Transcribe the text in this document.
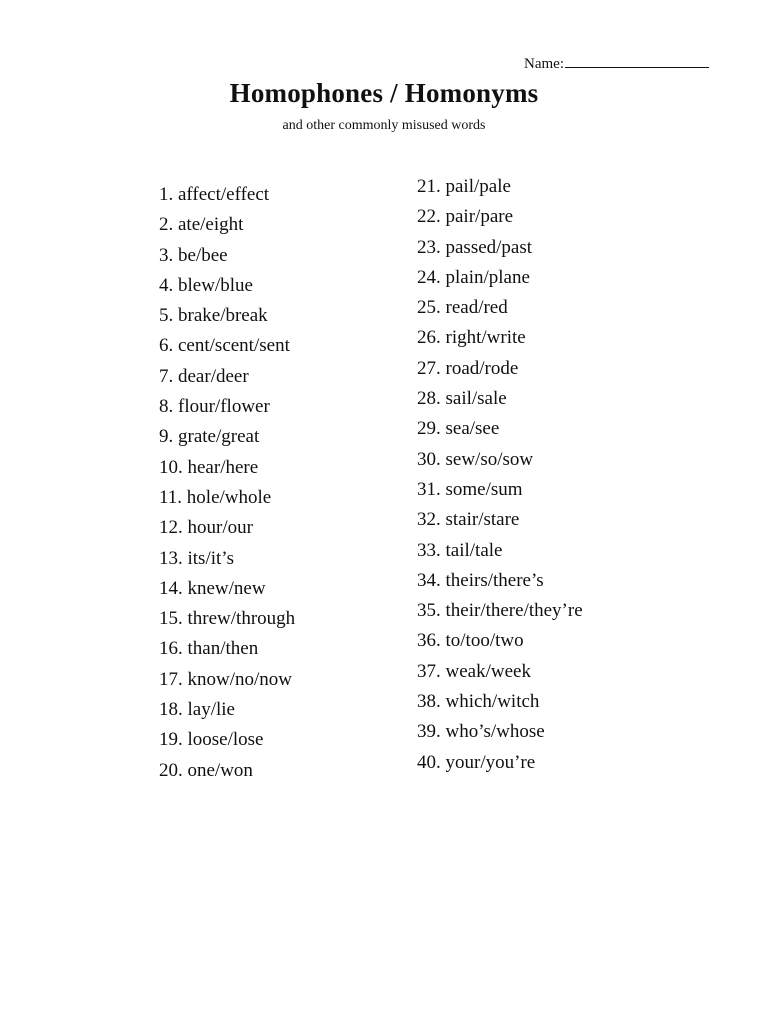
Name:
Homophones / Homonyms
and other commonly misused words
1. affect/effect
2. ate/eight
3. be/bee
4. blew/blue
5. brake/break
6. cent/scent/sent
7. dear/deer
8. flour/flower
9. grate/great
10. hear/here
11. hole/whole
12. hour/our
13. its/it’s
14. knew/new
15. threw/through
16. than/then
17. know/no/now
18. lay/lie
19. loose/lose
20. one/won
21. pail/pale
22. pair/pare
23. passed/past
24. plain/plane
25. read/red
26. right/write
27. road/rode
28. sail/sale
29. sea/see
30. sew/so/sow
31. some/sum
32. stair/stare
33. tail/tale
34. theirs/there’s
35. their/there/they’re
36. to/too/two
37. weak/week
38. which/witch
39. who’s/whose
40. your/you’re
